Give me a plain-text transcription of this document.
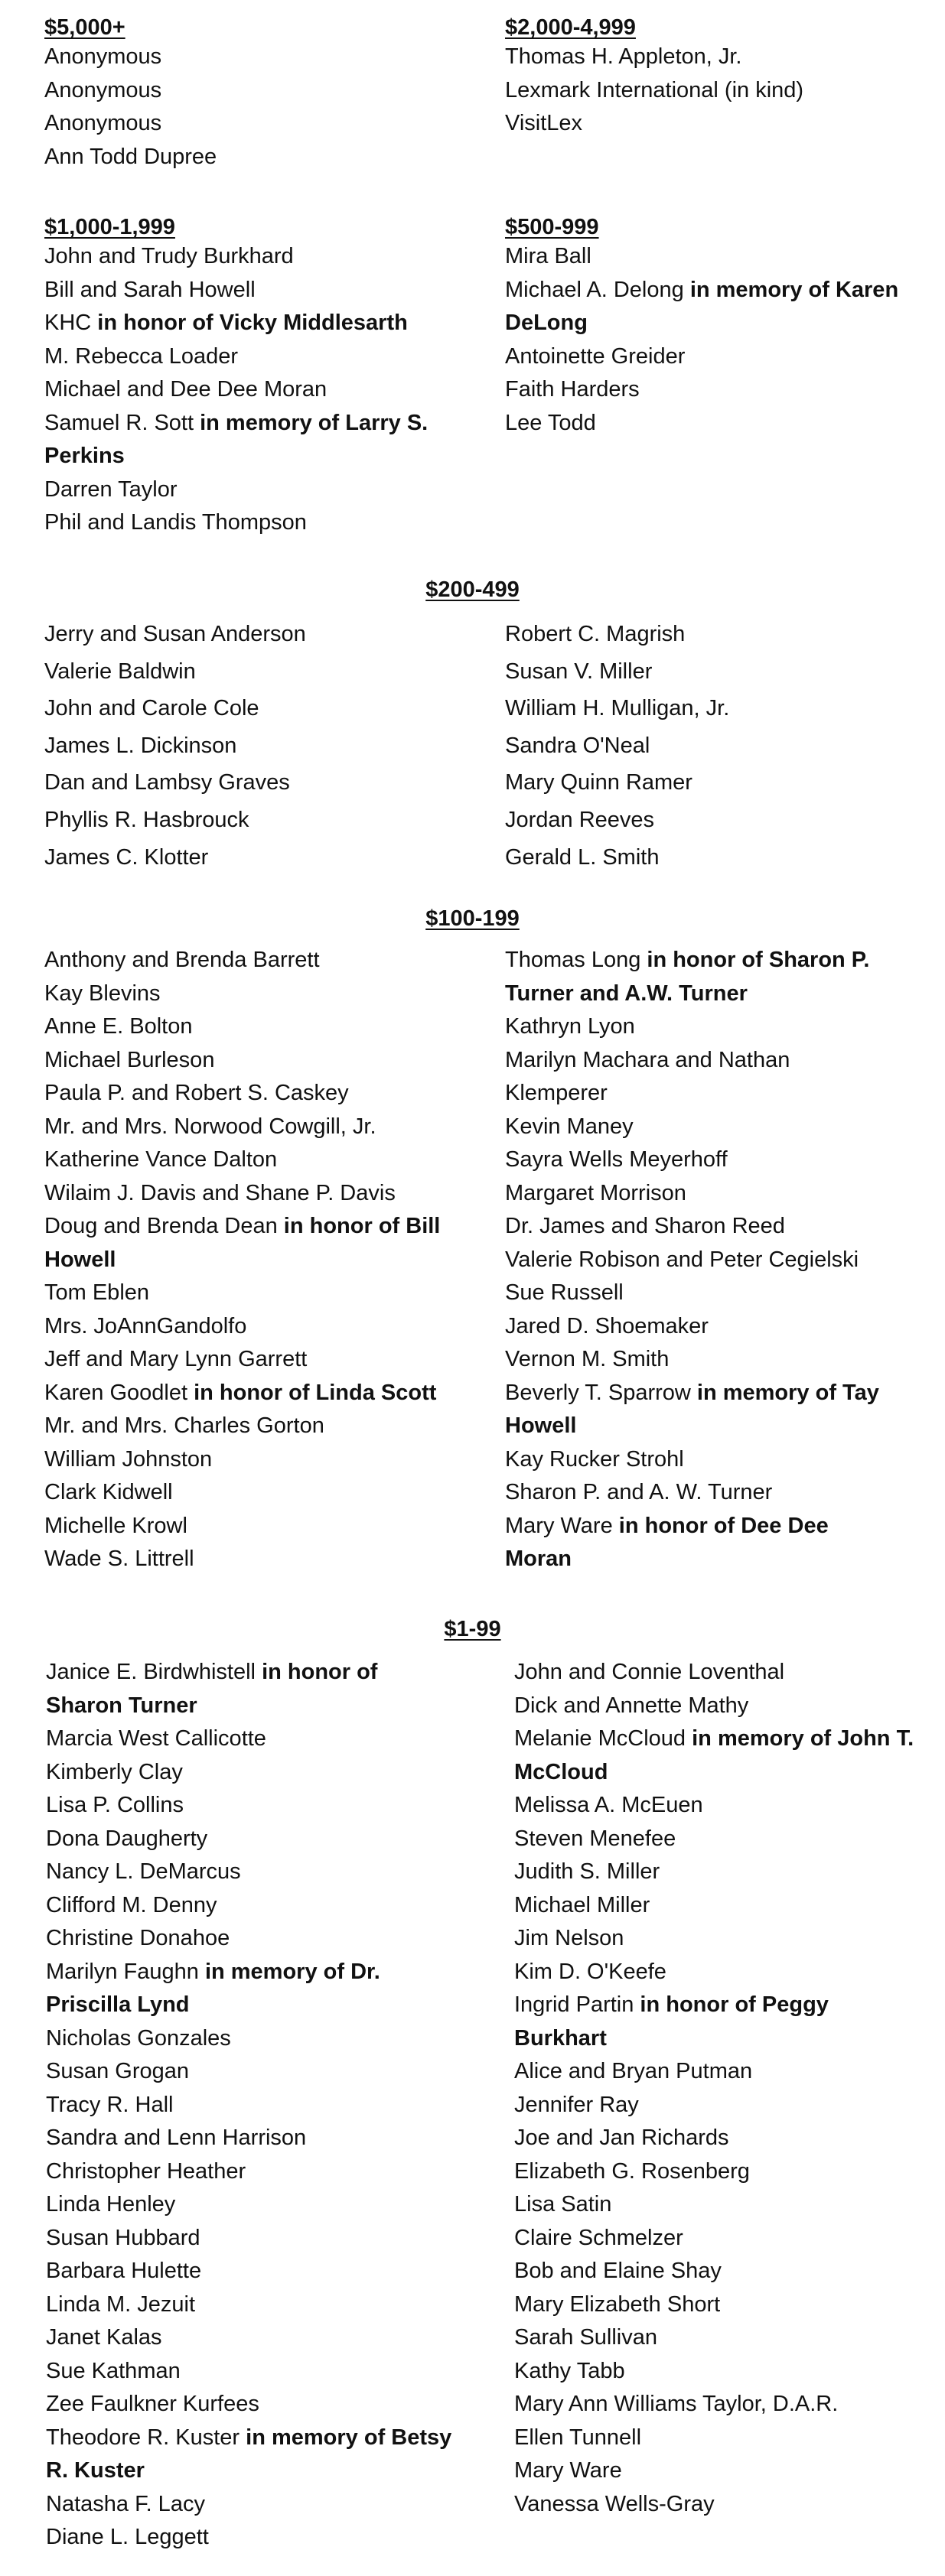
$5,000+
Anonymous
Anonymous
Anonymous
Ann Todd Dupree
$2,000-4,999
Thomas H. Appleton, Jr.
Lexmark International (in kind)
VisitLex
$1,000-1,999
John and Trudy Burkhard
Bill and Sarah Howell
KHC in honor of Vicky Middlesarth
M. Rebecca Loader
Michael and Dee Dee Moran
Samuel R. Sott in memory of Larry S.
Perkins
Darren Taylor
Phil and Landis Thompson
$500-999
Mira Ball
Michael A. Delong in memory of Karen
DeLong
Antoinette Greider
Faith Harders
Lee Todd
$200-499
Jerry and Susan Anderson
Valerie Baldwin
John and Carole Cole
James L. Dickinson
Dan and Lambsy Graves
Phyllis R. Hasbrouck
James C. Klotter
Robert C. Magrish
Susan V. Miller
William H. Mulligan, Jr.
Sandra O'Neal
Mary Quinn Ramer
Jordan Reeves
Gerald L. Smith
$100-199
Anthony and Brenda Barrett
Kay Blevins
Anne E. Bolton
Michael Burleson
Paula P. and Robert S. Caskey
Mr. and Mrs. Norwood Cowgill, Jr.
Katherine Vance Dalton
Wilaim J. Davis and Shane P. Davis
Doug and Brenda Dean in honor of Bill
Howell
Tom Eblen
Mrs. JoAnnGandolfo
Jeff and Mary Lynn Garrett
Karen Goodlet in honor of Linda Scott
Mr. and Mrs. Charles Gorton
William Johnston
Clark Kidwell
Michelle Krowl
Wade S. Littrell
Thomas Long in honor of Sharon P.
Turner and A.W. Turner
Kathryn Lyon
Marilyn Machara and Nathan
Klemperer
Kevin Maney
Sayra Wells Meyerhoff
Margaret Morrison
Dr. James and Sharon Reed
Valerie Robison and Peter Cegielski
Sue Russell
Jared D. Shoemaker
Vernon M. Smith
Beverly T. Sparrow in memory of Tay
Howell
Kay Rucker Strohl
Sharon P. and A. W. Turner
Mary Ware in honor of Dee Dee
Moran
$1-99
Janice E. Birdwhistell in honor of
Sharon Turner
Marcia West Callicotte
Kimberly Clay
Lisa P. Collins
Dona Daugherty
Nancy L. DeMarcus
Clifford M. Denny
Christine Donahoe
Marilyn Faughn in memory of Dr.
Priscilla Lynd
Nicholas Gonzales
Susan Grogan
Tracy R. Hall
Sandra and Lenn Harrison
Christopher Heather
Linda Henley
Susan Hubbard
Barbara Hulette
Linda M. Jezuit
Janet Kalas
Sue Kathman
Zee Faulkner Kurfees
Theodore R. Kuster in memory of Betsy
R. Kuster
Natasha F. Lacy
Diane L. Leggett
John and Connie Loventhal
Dick and Annette Mathy
Melanie McCloud in memory of John T.
McCloud
Melissa A. McEuen
Steven Menefee
Judith S. Miller
Michael Miller
Jim Nelson
Kim D. O'Keefe
Ingrid Partin in honor of Peggy
Burkhart
Alice and Bryan Putman
Jennifer Ray
Joe and Jan Richards
Elizabeth G. Rosenberg
Lisa Satin
Claire Schmelzer
Bob and Elaine Shay
Mary Elizabeth Short
Sarah Sullivan
Kathy Tabb
Mary Ann Williams Taylor, D.A.R.
Ellen Tunnell
Mary Ware
Vanessa Wells-Gray
